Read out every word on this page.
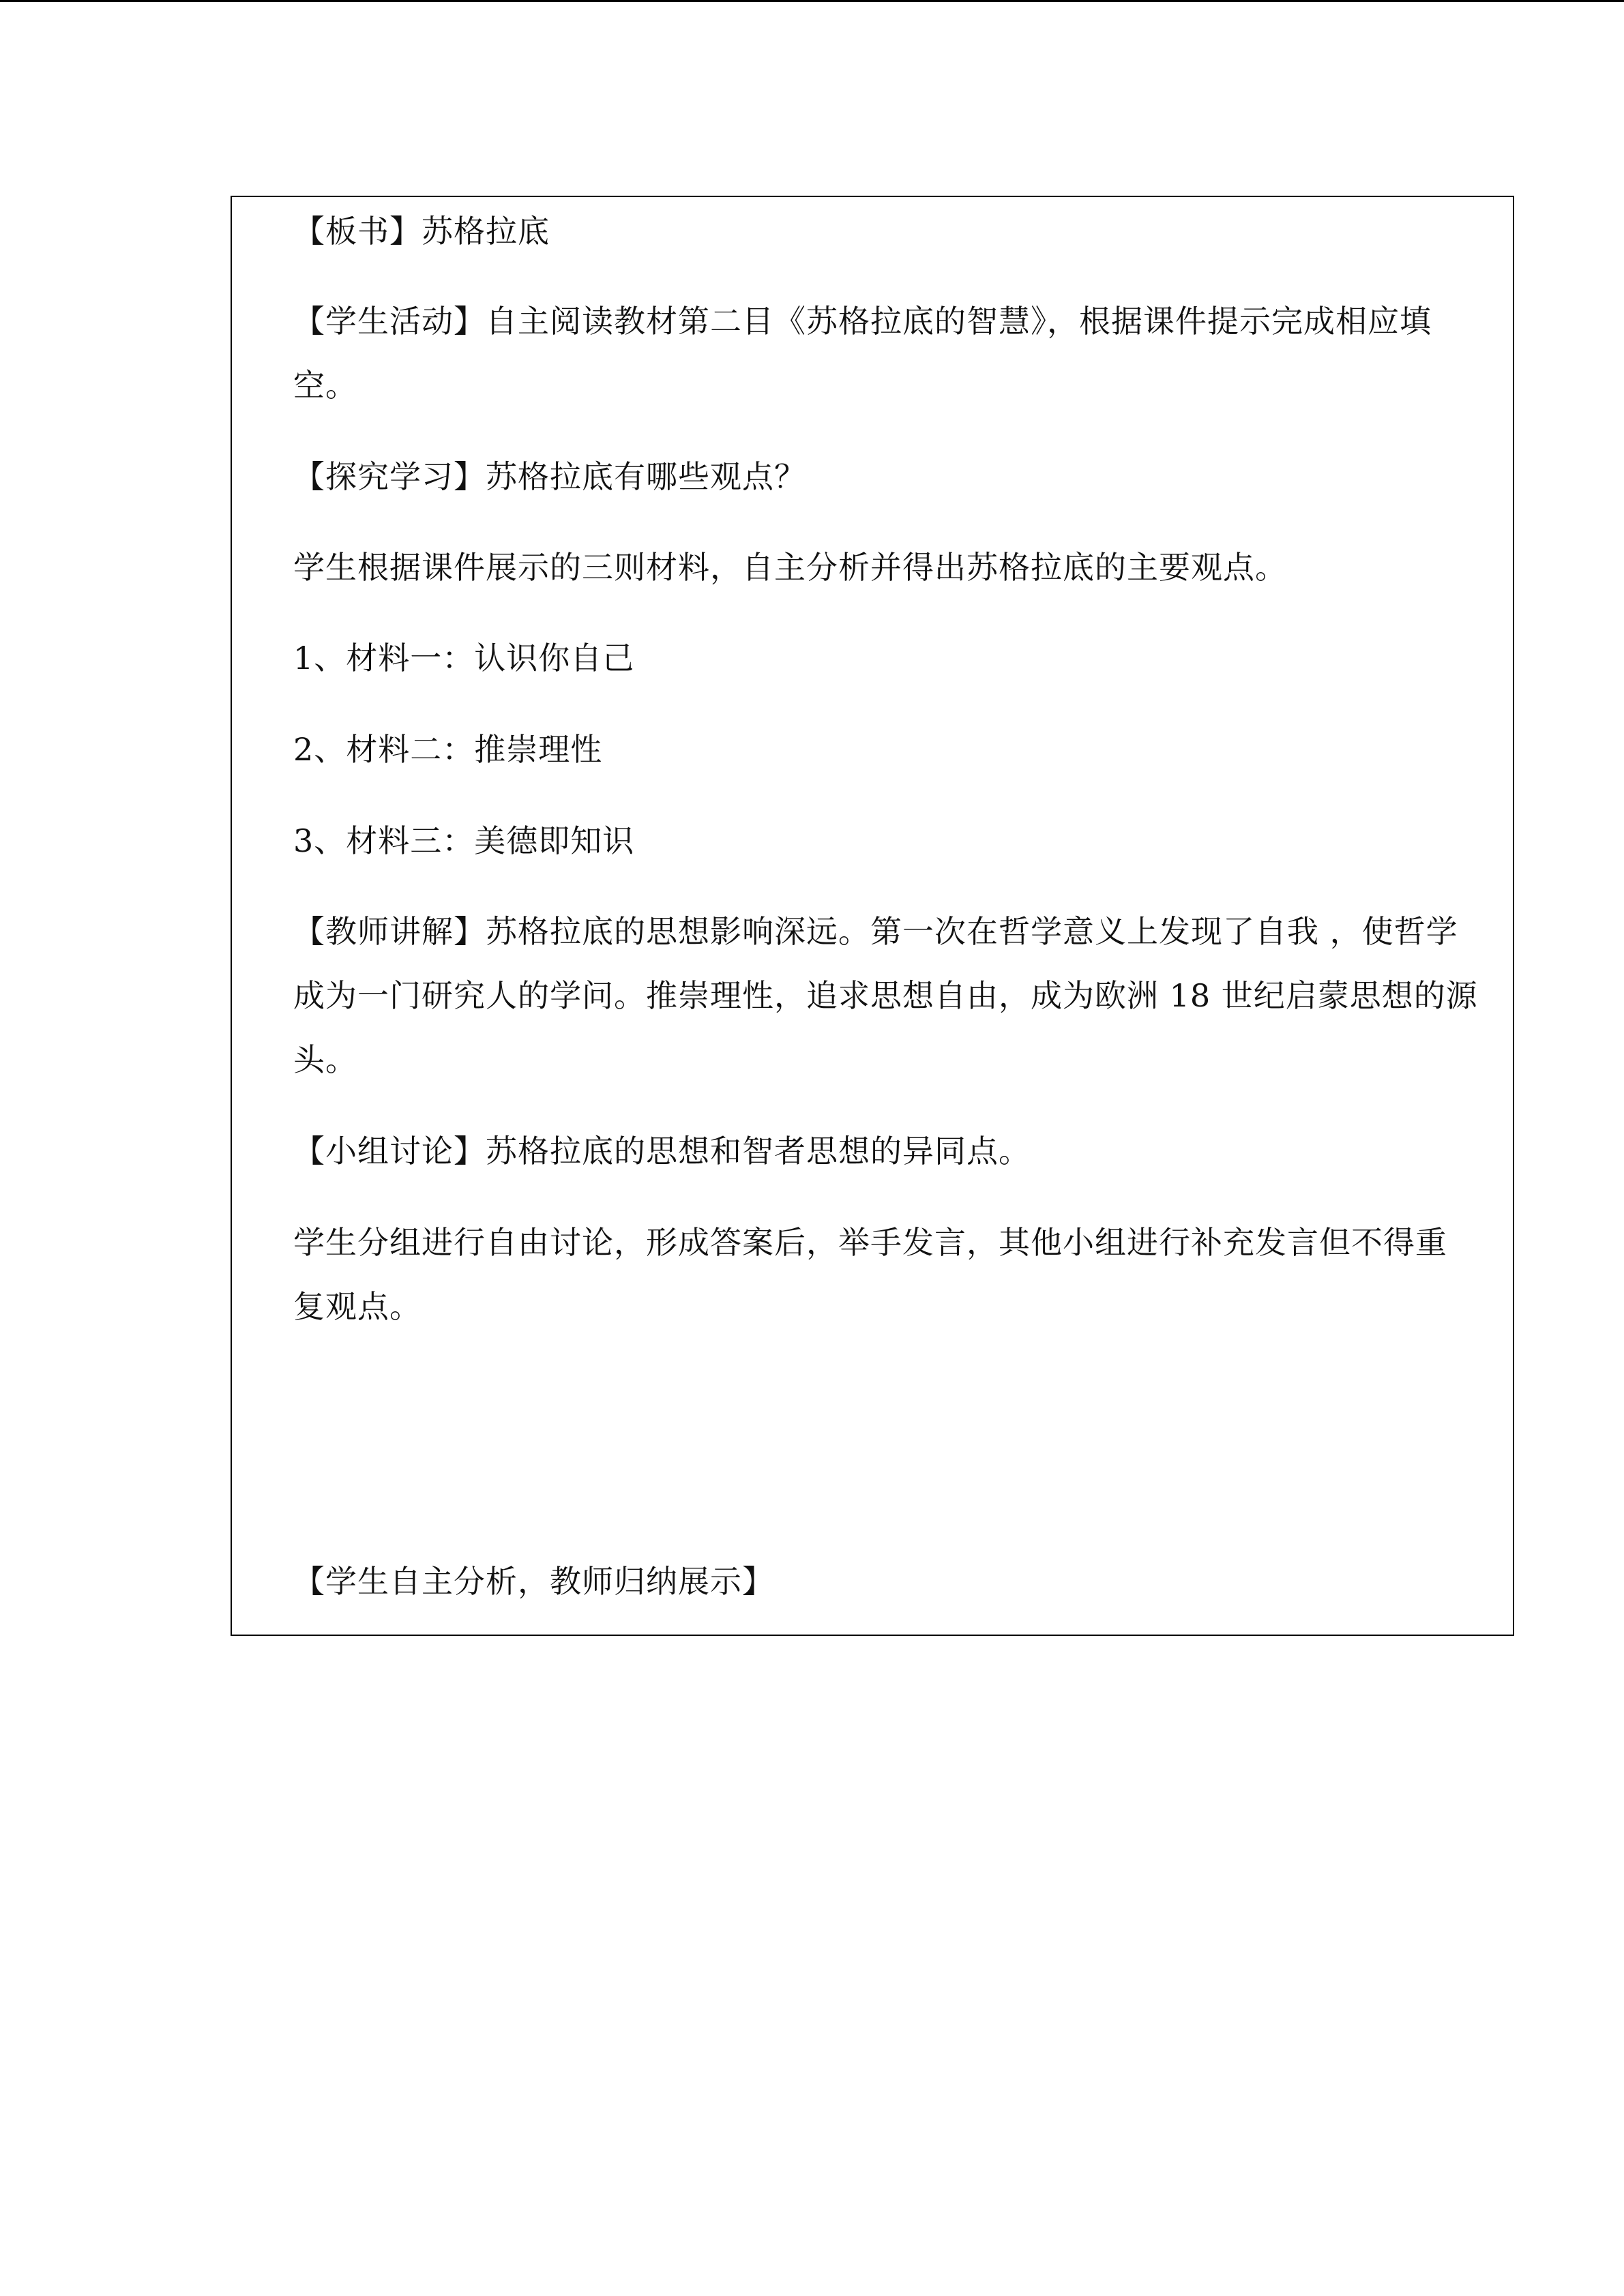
【板书】苏格拉底
【学生活动】自主阅读教材第二目《苏格拉底的智慧》，根据课件提示完成相应填
空。
【探究学习】苏格拉底有哪些观点？
学生根据课件展示的三则材料，自主分析并得出苏格拉底的主要观点。
1、材料一：认识你自己
2、材料二：推崇理性
3、材料三：美德即知识
【教师讲解】苏格拉底的思想影响深远。第一次在哲学意义上发现了自我 ，使哲学
成为一门研究人的学问。推崇理性，追求思想自由，成为欧洲 18 世纪启蒙思想的源
头。
【小组讨论】苏格拉底的思想和智者思想的异同点。
学生分组进行自由讨论，形成答案后，举手发言，其他小组进行补充发言但不得重
复观点。
【学生自主分析，教师归纳展示】
